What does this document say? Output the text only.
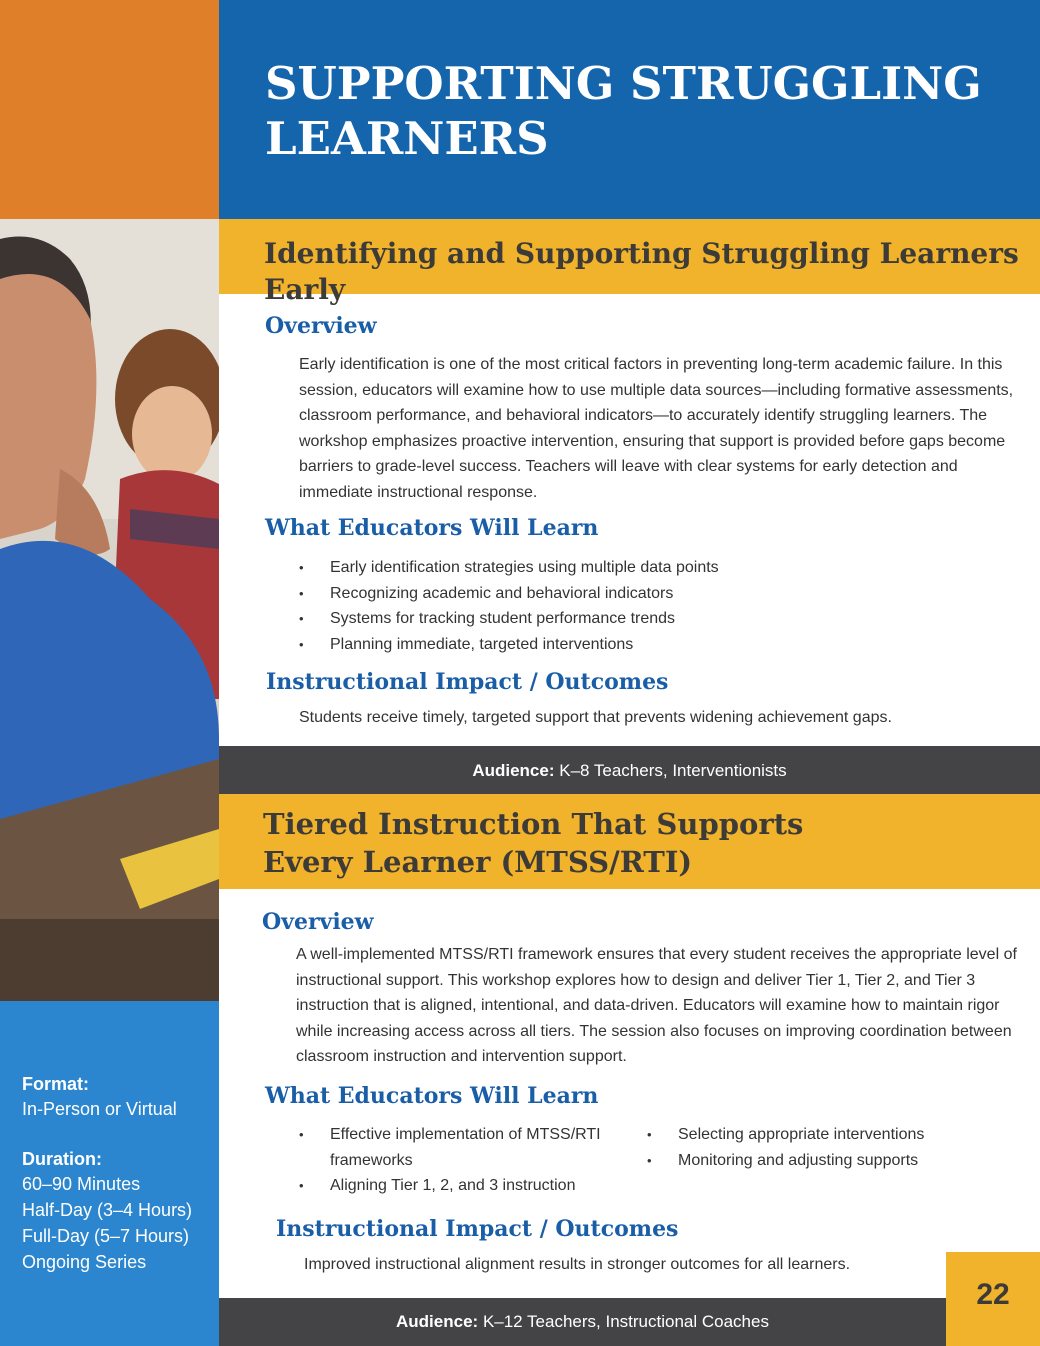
SUPPORTING STRUGGLING LEARNERS
Format:
In-Person or Virtual
Duration:
60–90 Minutes
Half-Day (3–4 Hours)
Full-Day (5–7 Hours)
Ongoing Series
Identifying and Supporting Struggling Learners Early
Overview

Early identification is one of the most critical factors in preventing long-term academic failure. In this session, educators will examine how to use multiple data sources—including formative assessments, classroom performance, and behavioral indicators—to accurately identify struggling learners. The workshop emphasizes proactive intervention, ensuring that support is provided before gaps become barriers to grade-level success. Teachers will leave with clear systems for early detection and immediate instructional response.

What Educators Will Learn
• Early identification strategies using multiple data points
• Recognizing academic and behavioral indicators
• Systems for tracking student performance trends
• Planning immediate, targeted interventions
Instructional Impact / Outcomes

Students receive timely, targeted support that prevents widening achievement gaps.

Audience: K–8 Teachers, Interventionists
Tiered Instruction That Supports
Every Learner (MTSS/RTI)
Overview

A well-implemented MTSS/RTI framework ensures that every student receives the appropriate level of instructional support. This workshop explores how to design and deliver Tier 1, Tier 2, and Tier 3 instruction that is aligned, intentional, and data-driven. Educators will examine how to maintain rigor while increasing access across all tiers. The session also focuses on improving coordination between classroom instruction and intervention support.

What Educators Will Learn
• Effective implementation of MTSS/RTI frameworks
• Aligning Tier 1, 2, and 3 instruction
• Selecting appropriate interventions
• Monitoring and adjusting supports
Instructional Impact / Outcomes

Improved instructional alignment results in stronger outcomes for all learners.

Audience: K–12 Teachers, Instructional Coaches
22
